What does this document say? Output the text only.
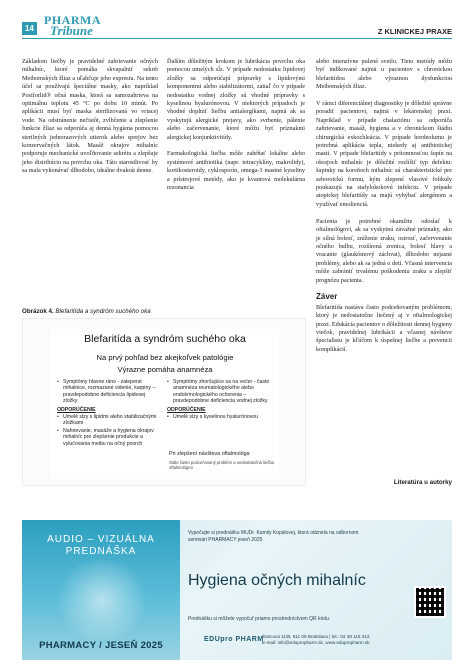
14
PHARMA
Tribune	Z KLINICKEJ PRAXE

Základom liečby je pravidelné zahrievanie očných mihalníc, ktoré pomáha skvapalniť sekrét Meibomských žliaz a uľahčuje jeho expresiu. Na tento účel sa používajú špeciálne masky, ako napríklad Posiforlid® očná maska, ktorá sa samozahrieva na optimálnu teplotu 45 °C po dobu 10 minút. Po aplikácii musí byť maska sterilizovaná vo vriacej vode. Na odstránenie nečistôt, zvlhčenie a zlepšenie funkcie žliaz sa odporúča aj denná hygiena pomocou sterilných jednorazových utierok alebo sprejov bez konzervačných látok. Masáž okrajov mihalníc podporuje mechanické uvoľňovanie sekrétu a zlepšuje jeho distribúciu na povrchu oka. Táto starostlivosť by sa mala vykonávať dlhodobo, ideálne dvakrát denne.

Ďalším dôležitým krokom je lubrikácia povrchu oka pomocou umelých sĺz. V prípade nedostatku lipidovej zložky sa odporúčajú prípravky s lipidovými komponentmi alebo stabilizátormi, zatiaľ čo v prípade nedostatku vodnej zložky sú vhodné prípravky s kyselinou hyalurónovou. V niektorých prípadoch je vhodné doplniť liečbu antialergikami, najmä ak sa vyskytujú alergické prejavy, ako svrbenie, pálenie alebo začervenanie, ktoré môžu byť príznakmi alergickej konjunktivitídy.

Farmakologická liečba môže zahŕňať lokálne alebo systémové antibiotiká (napr. tetracyklíny, makrolidy), kortikosteroidy, cyklosporín, omega-3 mastné kyseliny a prístrojové metódy, ako je kvantová molekulárna rezonancia

alebo intenzívne pulzné svetlo. Tieto metódy môžu byť indikované najmä u pacientov s chronickou blefaritídou alebo výraznou dysfunkciou Meibomských žliaz.

V rámci diferenciálnej diagnostiky je dôležité správne poradiť pacientovi, najmä v lekárenskej praxi. Napríklad v prípade chalaziónu sa odporúča zahrievanie, masáž, hygiena a v chronickom štádiu chirurgická exkochleácia. V prípade hordeolumu je potrebná aplikácia tepla, niekedy aj antibiotickej masti. V prípade blefaritídy s prítomnosťou šupín na okrajoch mihalníc je dôležité rozlíšiť typ defektu: šupinky na koreňoch mihalníc sú charakteristické pre seboroickú formu, kým zlepené vlasové folikuly poukazujú na stafylokokovú infekciu. V prípade atopickej blefaritídy sa majú vyhýbať alergénom a využívať emolienciá.

Pacienta je potrebné okamžite odoslať k oftalmológovi, ak sa vyskytnú závažné príznaky, ako je silná bolesť, zníženie zraku, ostrosť, začervenanie očného bulbu, rozšírená zrenica, bolesť hlavy a vracanie (glaukómový záchvat), dlhodobo nejasné problémy, alebo ak sa jedná o deti. Včasná intervencia môže zabrániť trvalému poškodeniu zraku a zlepšiť prognózu pacienta.

Záver

Blefaritída nastáva často podceňovaným problémom, ktorý je nedostatočne liečený aj v oftalmologickej praxi. Edukácia pacientov o dôležitosti dennej hygieny viečok, pravidelnej lubrikácii a včasnej návšteve špecialistu je kľúčom k úspešnej liečbe a prevencii komplikácií.

Obrázok 4. Blefaritída a syndróm suchého oka
Blefaritída a syndróm suchého oka
Na prvý pohľad bez akejkoľvek patológie
Výrazne pomáha anamnéza
• Symptómy hlavne ráno - zalepené mihalnice, rozmazané videnie, karpiny – pravdepodobne deficiencia lipidovej zložky
ODPORÚČENIE
• Umelé slzy s lipidmi alebo stabilizačnými zložkami
• Nahrievanie, masáže a hygiena okrajov mihalníc pre zlepšenie produkcie a vylučovania meibu na očný povrch
• Symptómy zhoršujúce sa na večer - často anamnéza reumatologického alebo endokrinologického ochorenia – pravdepodobne deficiencia vodnej zložky
ODPORÚČENIE
• Umelé slzy s kyselinou hyalurónovou
Pri zlepšení návšteva oftalmológa
Stále často podceňovaný problém a nedostatočná liečba oftalmológmi
Literatúra u autorky
AUDIO – VIZUÁLNA
PREDNÁŠKA
PHARMACY / JESEŇ 2025
Vypočujte si prednášku MUDr. Kamily Kopálovej, ktorá odznela na odbornom
seminári PHARMACY jeseň 2025
Hygiena očných mihalníc
Prednášku si môžete vypočuť priamo prostredníctvom QR kódu.
EDUpro PHARM
Šancová 11/B, 811 05 Bratislava | tel.: 02 38 115 312,
E-mail: info@edupropharm.sk, www.edupropharm.sk
